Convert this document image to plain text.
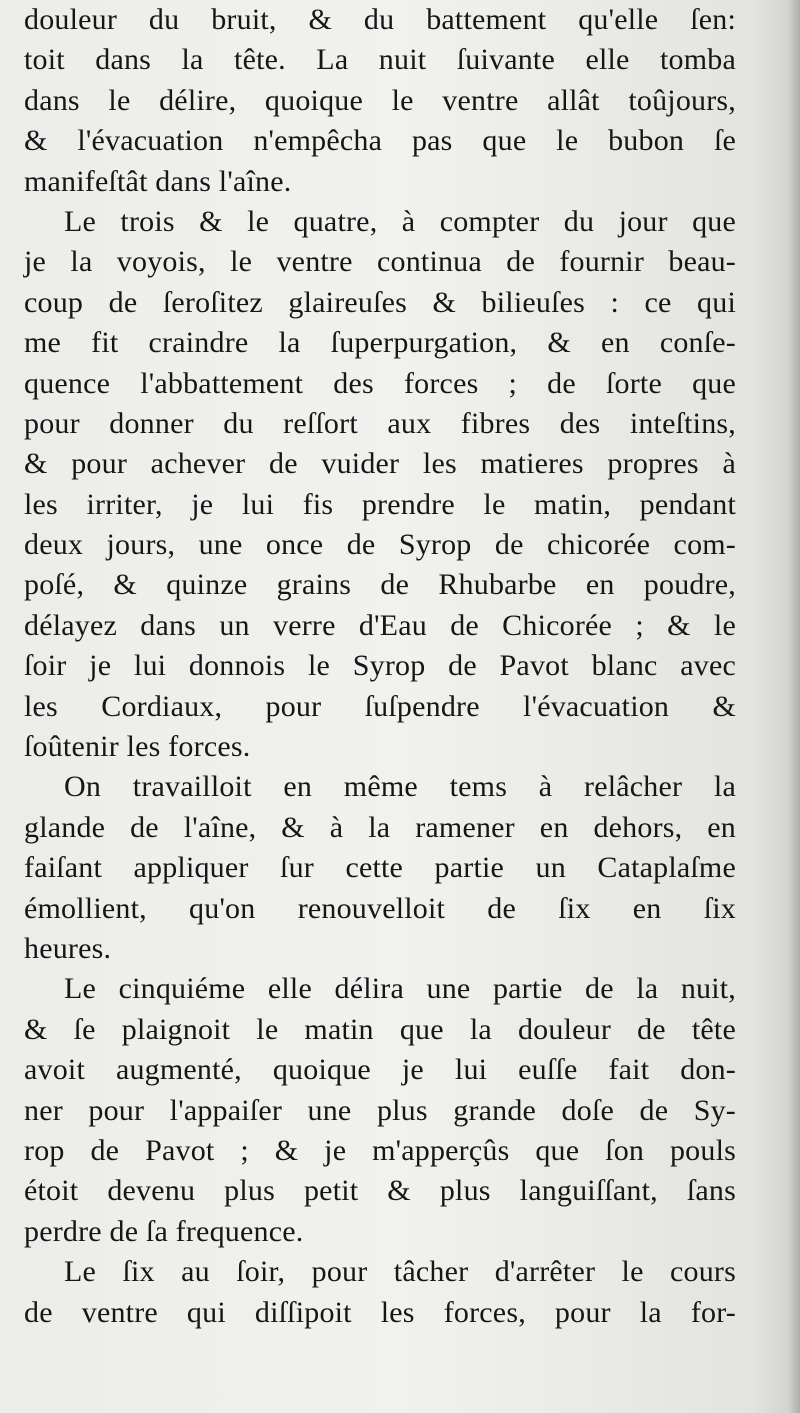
douleur du bruit, & du battement qu'elle ſen:
toit dans la tête. La nuit ſuivante elle tomba
dans le délire, quoique le ventre allât toûjours,
& l'évacuation n'empêcha pas que le bubon ſe
manifeſtât dans l'aîne.
Le trois & le quatre, à compter du jour que
je la voyois, le ventre continua de fournir beau-
coup de ſeroſitez glaireuſes & bilieuſes : ce qui
me fit craindre la ſuperpurgation, & en conſe-
quence l'abbattement des forces ; de ſorte que
pour donner du reſſort aux fibres des inteſtins,
& pour achever de vuider les matieres propres à
les irriter, je lui fis prendre le matin, pendant
deux jours, une once de Syrop de chicorée com-
poſé, & quinze grains de Rhubarbe en poudre,
délayez dans un verre d'Eau de Chicorée ; & le
ſoir je lui donnois le Syrop de Pavot blanc avec
les Cordiaux, pour ſuſpendre l'évacuation &
ſoûtenir les forces.
On travailloit en même tems à relâcher la
glande de l'aîne, & à la ramener en dehors, en
faiſant appliquer ſur cette partie un Cataplaſme
émollient, qu'on renouvelloit de ſix en ſix
heures.
Le cinquiéme elle délira une partie de la nuit,
& ſe plaignoit le matin que la douleur de tête
avoit augmenté, quoique je lui euſſe fait don-
ner pour l'appaiſer une plus grande doſe de Sy-
rop de Pavot ; & je m'apperçûs que ſon pouls
étoit devenu plus petit & plus languiſſant, ſans
perdre de ſa frequence.
Le ſix au ſoir, pour tâcher d'arrêter le cours
de ventre qui diſſipoit les forces, pour la for-
